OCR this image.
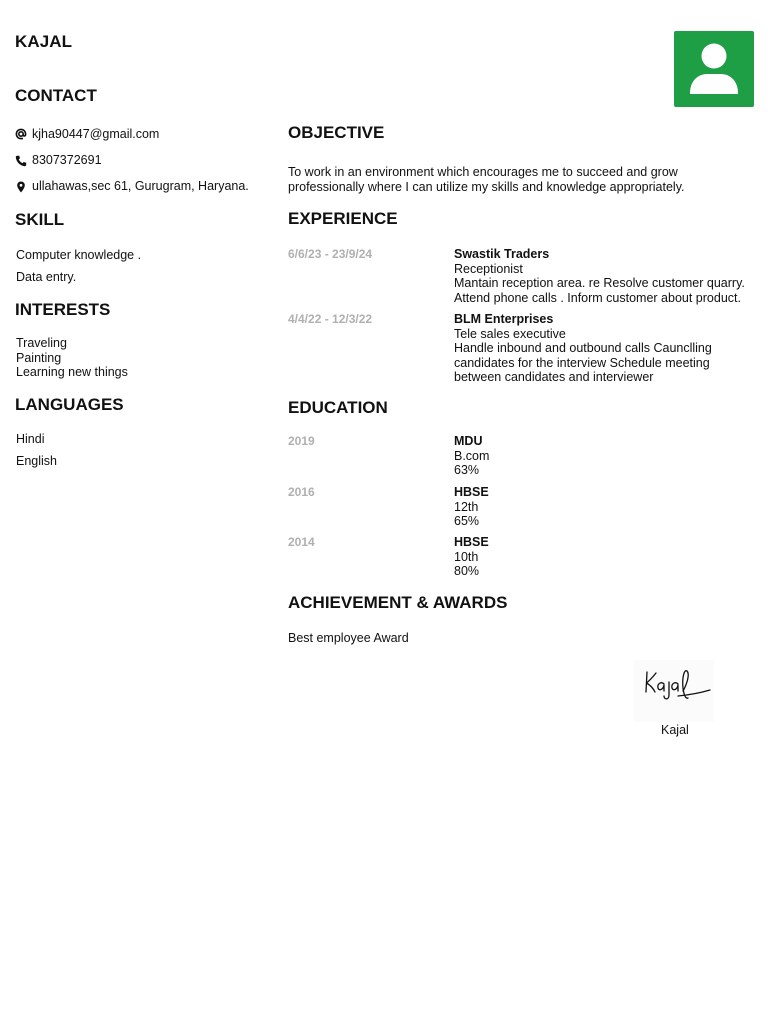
KAJAL
CONTACT
kjha90447@gmail.com
8307372691
ullahawas,sec 61, Gurugram, Haryana.
SKILL
Computer knowledge .
Data entry.
INTERESTS
Traveling
Painting
Learning new things
LANGUAGES
Hindi
English
OBJECTIVE
To work in an environment which encourages me to succeed and grow professionally where I can utilize my skills and knowledge appropriately.
EXPERIENCE
6/6/23 - 23/9/24	Swastik Traders
Receptionist
Mantain reception area. re Resolve customer quarry.
Attend phone calls . Inform customer about product.
4/4/22 - 12/3/22	BLM Enterprises
Tele sales executive
Handle inbound and outbound calls Caunclling
candidates for the interview Schedule meeting
between candidates and interviewer
EDUCATION
2019	MDU
B.com
63%
2016	HBSE
12th
65%
2014	HBSE
10th
80%
ACHIEVEMENT & AWARDS
Best employee Award
Kajal
